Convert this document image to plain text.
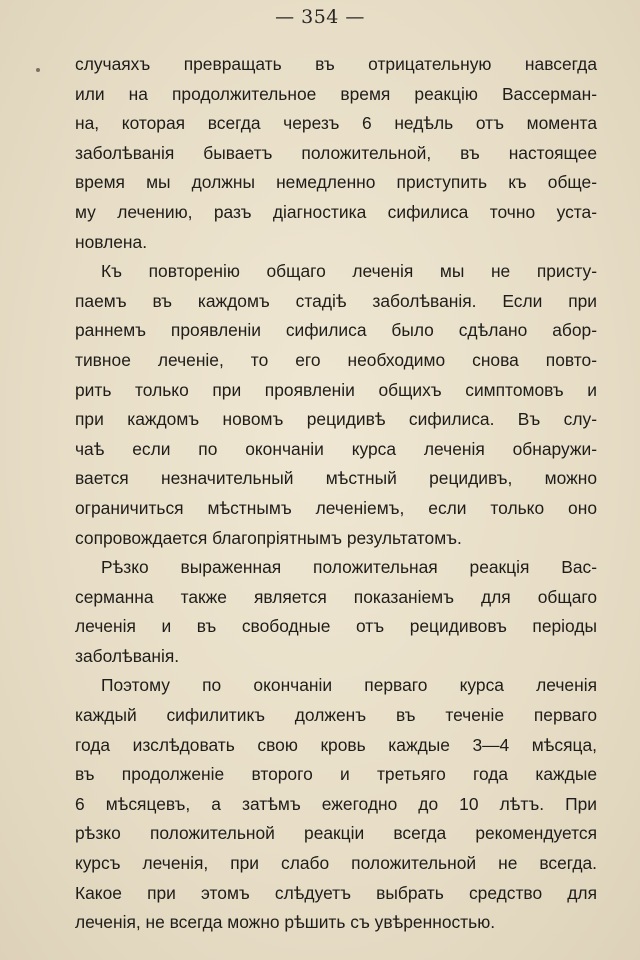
— 354 —
случаяхъ превращать въ отрицательную навсегда
или на продолжительное время реакцію Вассерман-
на, которая всегда черезъ 6 недѣль отъ момента
заболѣванія бываетъ положительной, въ настоящее
время мы должны немедленно приступить къ обще-
му лечению, разъ діагностика сифилиса точно уста-
новлена.
Къ повторенію общаго леченія мы не присту-
паемъ въ каждомъ стадіѣ заболѣванія. Если при
раннемъ проявленіи сифилиса было сдѣлано абор-
тивное леченіе, то его необходимо снова повто-
рить только при проявленіи общихъ симптомовъ и
при каждомъ новомъ рецидивѣ сифилиса. Въ слу-
чаѣ если по окончаніи курса леченія обнаружи-
вается незначительный мѣстный рецидивъ, можно
ограничиться мѣстнымъ леченіемъ, если только оно
сопровождается благопріятнымъ результатомъ.
Рѣзко выраженная положительная реакція Вас-
серманна также является показаніемъ для общаго
леченія и въ свободные отъ рецидивовъ періоды
заболѣванія.
Поэтому по окончаніи перваго курса леченія
каждый сифилитикъ долженъ въ теченіе перваго
года изслѣдовать свою кровь каждые 3—4 мѣсяца,
въ продолженіе второго и третьяго года каждые
6 мѣсяцевъ, а затѣмъ ежегодно до 10 лѣтъ. При
рѣзко положительной реакціи всегда рекомендуется
курсъ леченія, при слабо положительной не всегда.
Какое при этомъ слѣдуетъ выбрать средство для
леченія, не всегда можно рѣшить съ увѣренностью.
